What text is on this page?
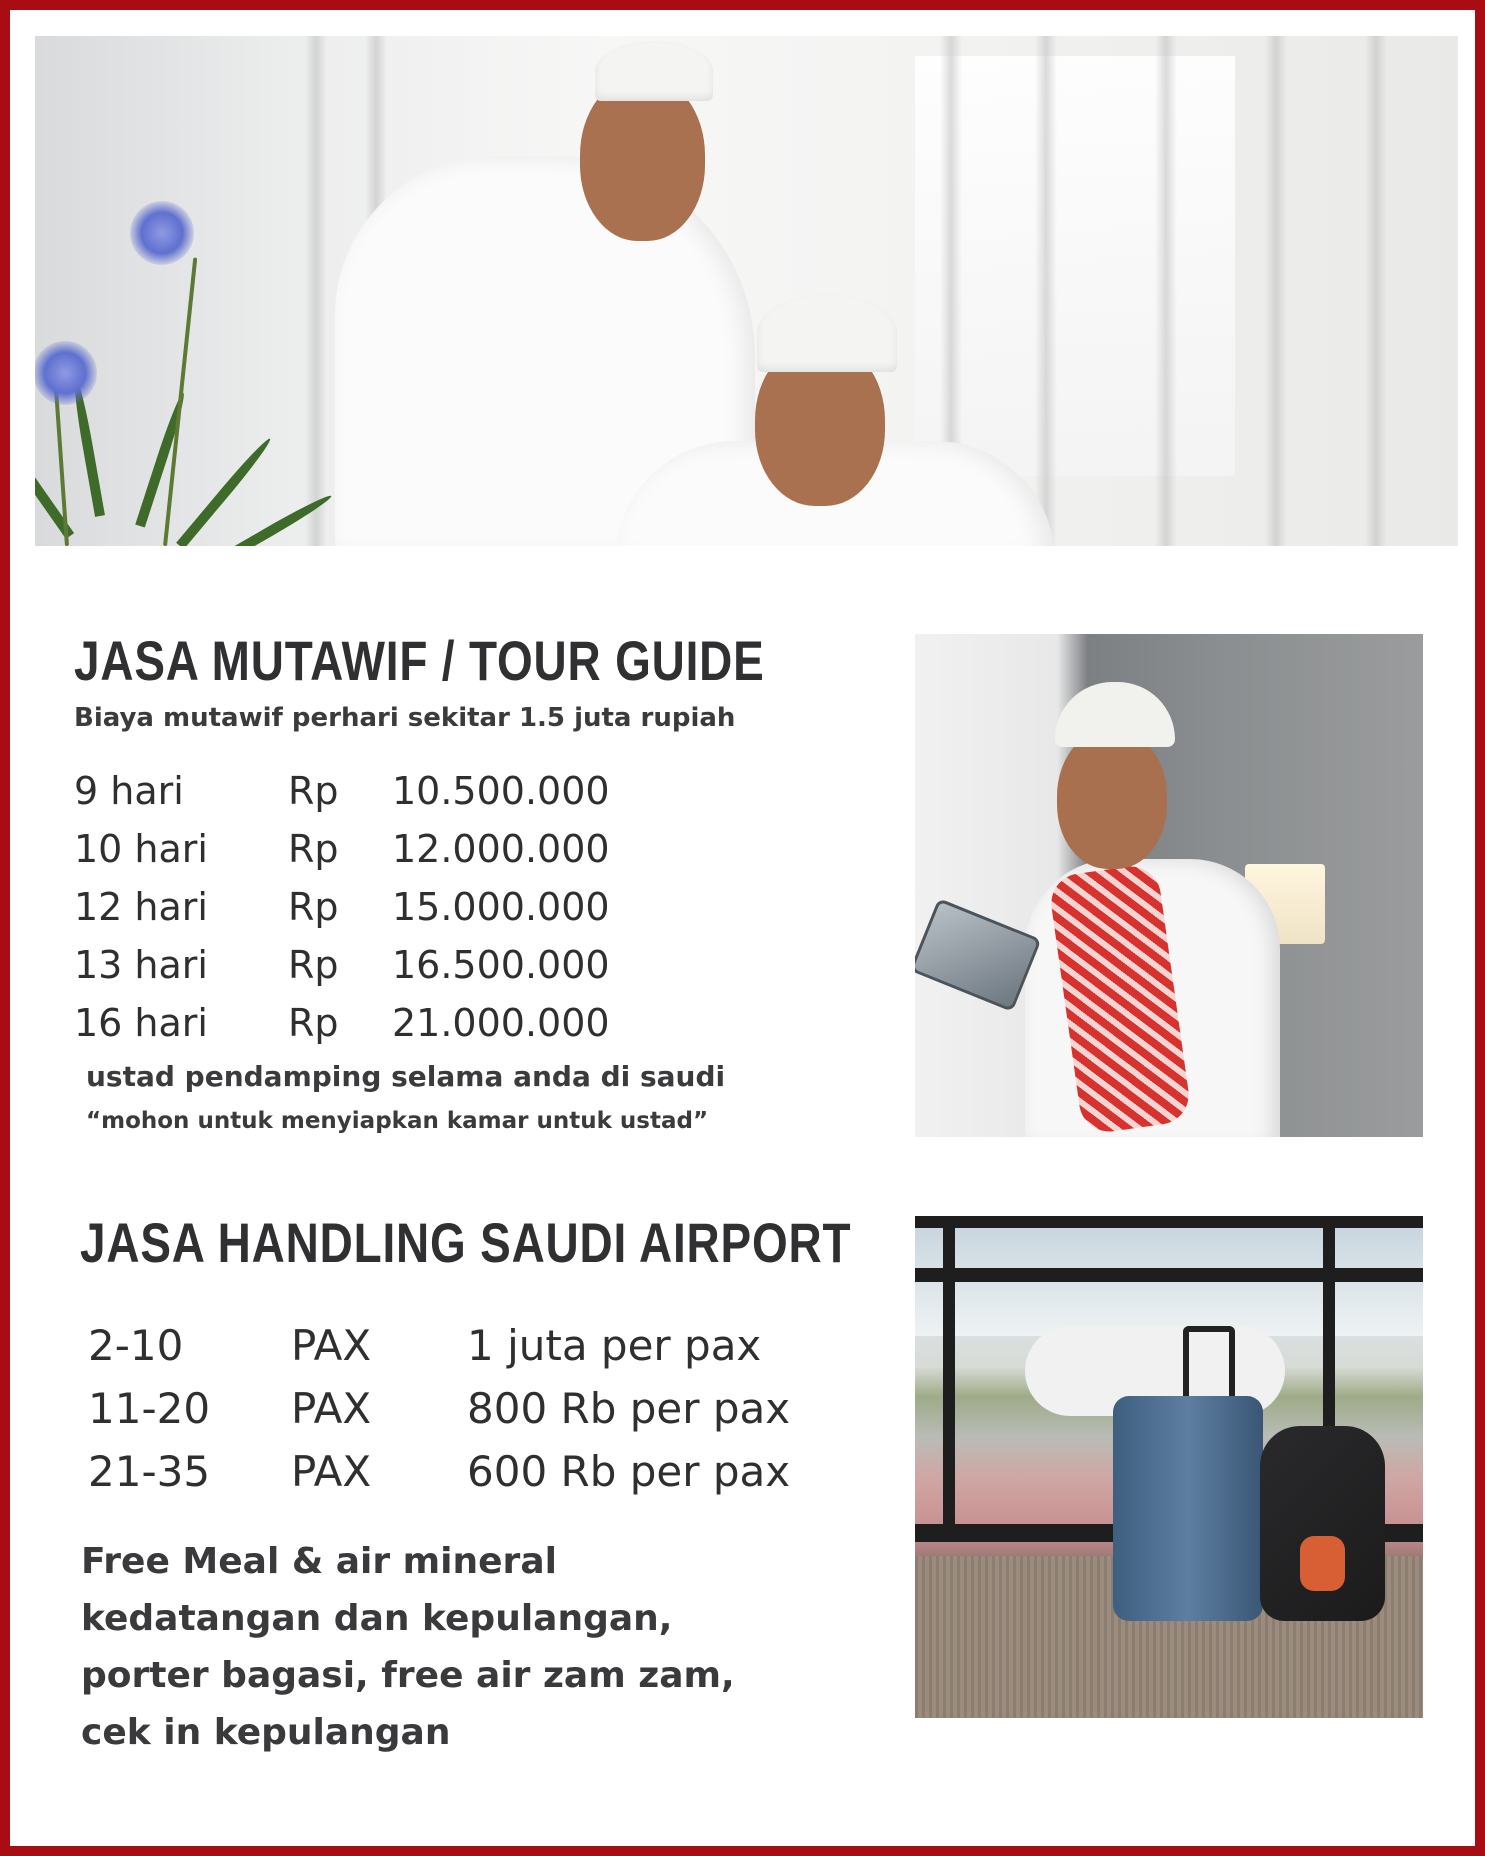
JASA MUTAWIF / TOUR GUIDE
Biaya mutawif perhari sekitar 1.5 juta rupiah
9 hari	Rp	10.500.000
10 hari	Rp	12.000.000
12 hari	Rp	15.000.000
13 hari	Rp	16.500.000
16 hari	Rp	21.000.000
ustad pendamping selama anda di saudi
“mohon untuk menyiapkan kamar untuk ustad”
JASA HANDLING SAUDI AIRPORT
2-10	PAX	1 juta per pax
11-20	PAX	800 Rb per pax
21-35	PAX	600 Rb per pax
Free Meal & air mineral
kedatangan dan kepulangan,
porter bagasi, free air zam zam,
cek in kepulangan
